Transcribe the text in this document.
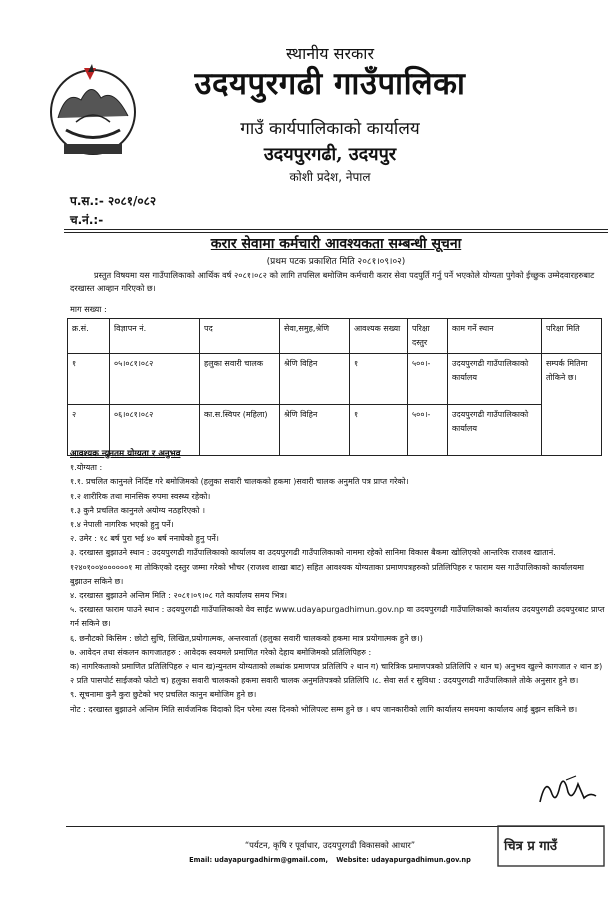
स्थानीय सरकार
उदयपुरगढी गाउँपालिका
गाउँ कार्यपालिकाको कार्यालय
उदयपुरगढी, उदयपुर
कोशी प्रदेश, नेपाल
प.स.:- २०८१/०८२
च.नं.:-
करार सेवामा कर्मचारी आवश्यकता सम्बन्धी सूचना
(प्रथम पटक प्रकाशित मिति २०८१।०९।०२)
प्रस्तुत विषयमा यस गाउँपालिकाको आर्थिक वर्ष २०८१।०८२ को लागि तपसिल बमोजिम कर्मचारी करार सेवा पदपुर्ति गर्नु पर्ने भएकोले योग्यता पुगेको ईच्छुक उम्मेदवारहरुबाट दरखास्त आव्हान गरिएको छ।
माग सख्या :
क्र.सं.	विज्ञापन नं.	पद	सेवा,समुह,श्रेणि	आवश्यक सख्या	परिक्षा दस्तुर	काम गर्ने स्थान	परिक्षा मिति
१	०५।०८१।०८२	हलुका सवारी चालक	श्रेणि विहिन	१	५००।-	उदयपुरगढी गाउँपालिकाको कार्यालय	सम्पर्क मितिमा तोकिने छ।
२	०६।०८१।०८२	का.स.स्विपर (महिला)	श्रेणि विहिन	१	५००।-	उदयपुरगढी गाउँपालिकाको कार्यालय	
आवश्यक न्युनतम योग्यता र अनुभव
१.योग्यता :
१.१. प्रचलित कानुनले निर्दिष्ट गरे बमोजिमको (हलुका सवारी चालकको हकमा )सवारी चालक अनुमति पत्र प्राप्त गरेको।
१.२ शारीरिक तथा मानसिक रुपमा स्वस्थ्य रहेको।
१.३ कुनै प्रचलित कानुनले अयोग्य नठहरिएको ।
१.४ नेपाली नागरिक भएको हुनु पर्ने।
२. उमेर : १८ बर्ष पुरा भई ४० बर्ष ननाघेको हुनु पर्ने।
३. दरखास्त बुझाउने स्थान : उदयपुरगढी गाउँपालिकाको कार्यालय वा उदयपुरगढी गाउँपालिकाको नाममा रहेको सानिमा विकास बैकमा खोलिएको आन्तरिक राजश्व खातानं. १२४०१००४००००००१ मा तोकिएको दस्तुर जम्मा गरेको भौचर (राजश्व शाखा बाट) सहित आवश्यक योग्यताका प्रमाणपत्रहरुको प्रतिलिपिहरु र फाराम यस गाउँपालिकाको कार्यालयमा बुझाउन सकिने छ।
४. दरखास्त बुझाउने अन्तिम मिति : २०८१।०९।०८ गते कार्यालय समय भित्र।
५. दरखास्त फाराम पाउने स्थान : उदयपुरगढी गाउँपालिकाको वेव साईट www.udayapurgadhimun.gov.np वा उदयपुरगढी गाउँपालिकाको कार्यालय उदयपुरगढी उदयपुरबाट प्राप्त गर्न सकिने छ।
६. छनौटको किसिम : छोटो सुचि, लिखित,प्रयोगात्मक, अन्तरवार्ता (हलुका सवारी चालकको हकमा मात्र प्रयोगात्मक हुने छ।)
७. आवेदन तथा संकलन कागजातहरु : आवेदक स्वयमले प्रमाणित गरेको देहाय बमोजिमको प्रतिलिपिहरु :
क) नागरिकताको प्रमाणित प्रतिलिपिहरु २ थान ख)न्युनतम योग्यताको लब्धांक प्रमाणपत्र प्रतिलिपि २ थान ग) चारित्रिक प्रमाणपत्रको प्रतिलिपि २ थान घ) अनुभव खुल्ने कागजात २ थान ङ) २ प्रति पासपोर्ट साईजको फोटो च) हलुका सवारी चालकको हकमा सवारी चालक अनुमतिपत्रको प्रतिलिपि ।८. सेवा सर्त र सुविधा : उदयपुरगढी गाउँपालिकाले तोके अनुसार हुने छ।
९. सूचनामा कुनै कुरा छुटेको भए प्रचलित कानुन बमोजिम हुने छ।
नोट : दरखास्त बुझाउने अन्तिम मिति सार्वजनिक विदाको दिन परेमा त्यस दिनको भोलिपल्ट सम्म हुने छ । थप जानकारीको लागि कार्यालय समयमा कार्यालय आई बुझन सकिने छ।
“पर्यटन, कृषि र पूर्वाधार, उदयपुरगढी विकासको आधार”
Email: udayapurgadhirm@gmail.com, Website: udayapurgadhimun.gov.np
चित्र प्र गाउँ
